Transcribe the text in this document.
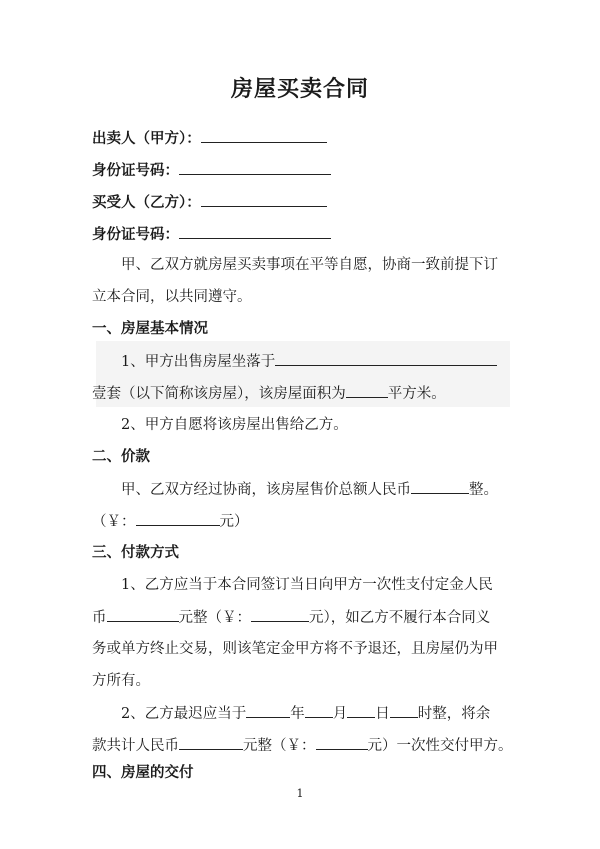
房屋买卖合同
出卖人（甲方）：
身份证号码：
买受人（乙方）：
身份证号码：
甲、乙双方就房屋买卖事项在平等自愿，协商一致前提下订
立本合同，以共同遵守。
一、房屋基本情况
1、甲方出售房屋坐落于
壹套（以下简称该房屋），该房屋面积为	平方米。
2、甲方自愿将该房屋出售给乙方。
二、价款
甲、乙双方经过协商，该房屋售价总额人民币	整。
（￥：	元）
三、付款方式
1、乙方应当于本合同签订当日向甲方一次性支付定金人民
币	元整（￥：	元），如乙方不履行本合同义
务或单方终止交易，则该笔定金甲方将不予退还，且房屋仍为甲
方所有。
2、乙方最迟应当于	年 月 日 时整，将余
款共计人民币	元整（￥：	元）一次性交付甲方。
四、房屋的交付
1
